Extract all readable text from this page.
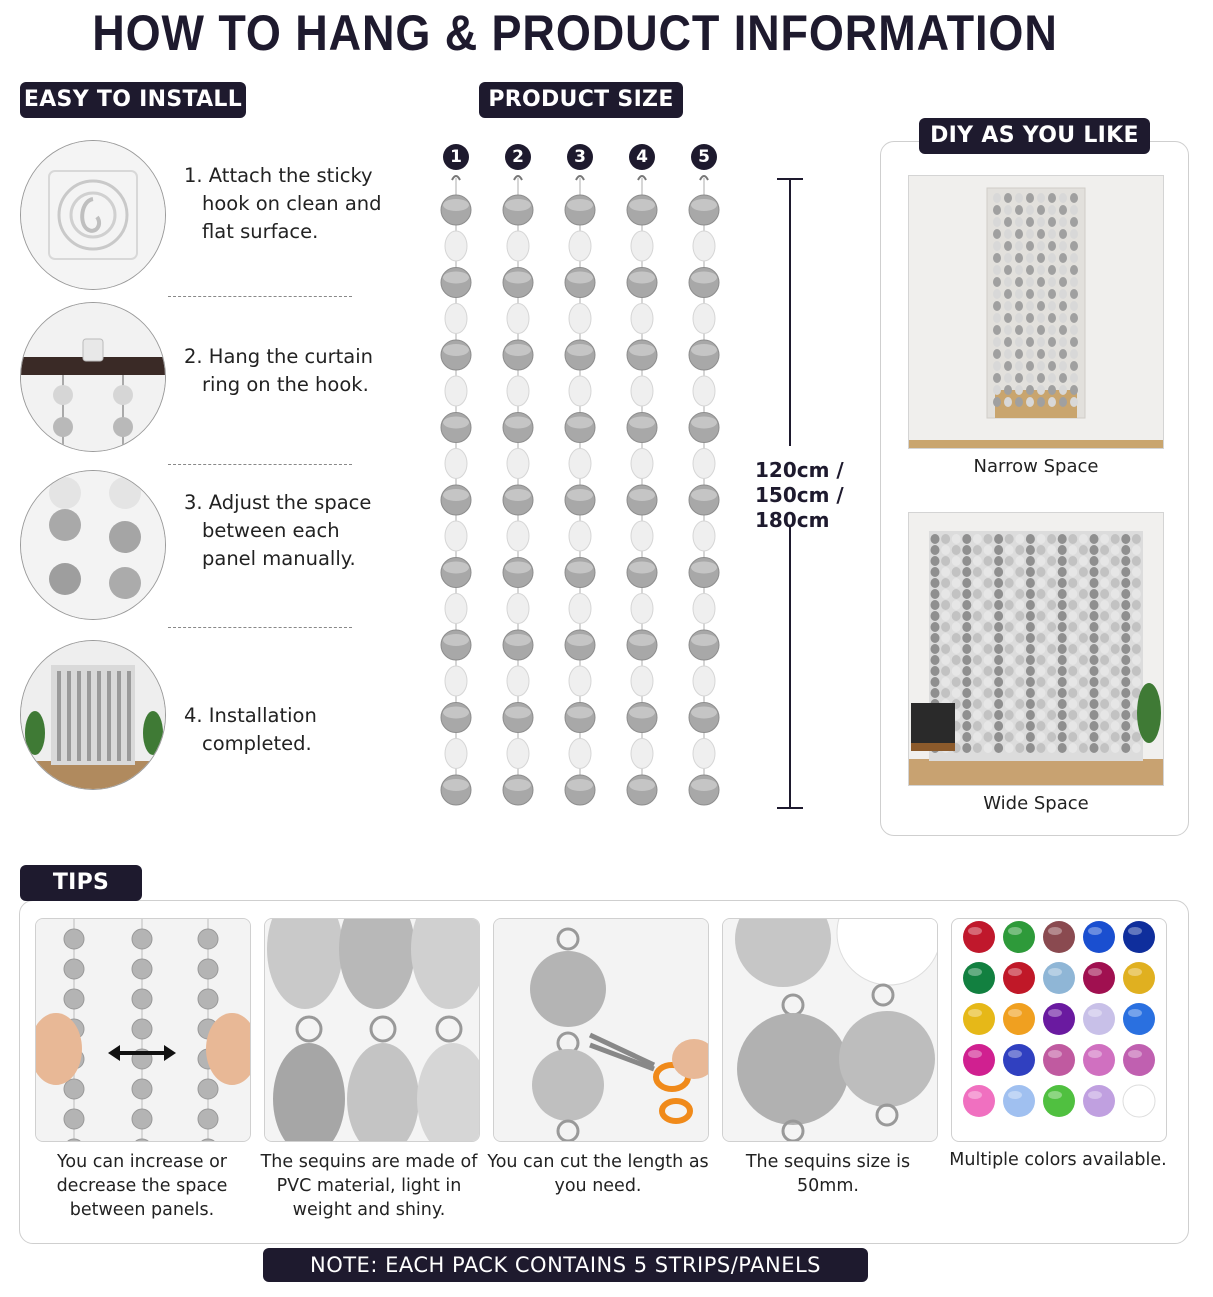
HOW TO HANG & PRODUCT INFORMATION
EASY TO INSTALL
1. Attach the sticky hook on clean and flat surface.
2. Hang the curtain ring on the hook.
3. Adjust the space between each panel manually.
4. Installation completed.
PRODUCT SIZE
1	2	3	4	5
120cm /
150cm /
180cm
DIY AS YOU LIKE
Narrow Space
Wide Space
TIPS
You can increase or decrease the space between panels.
The sequins are made of PVC material, light in weight and shiny.
You can cut the length as you need.
The sequins size is 50mm.
Multiple colors available.
NOTE: EACH PACK CONTAINS 5 STRIPS/PANELS
